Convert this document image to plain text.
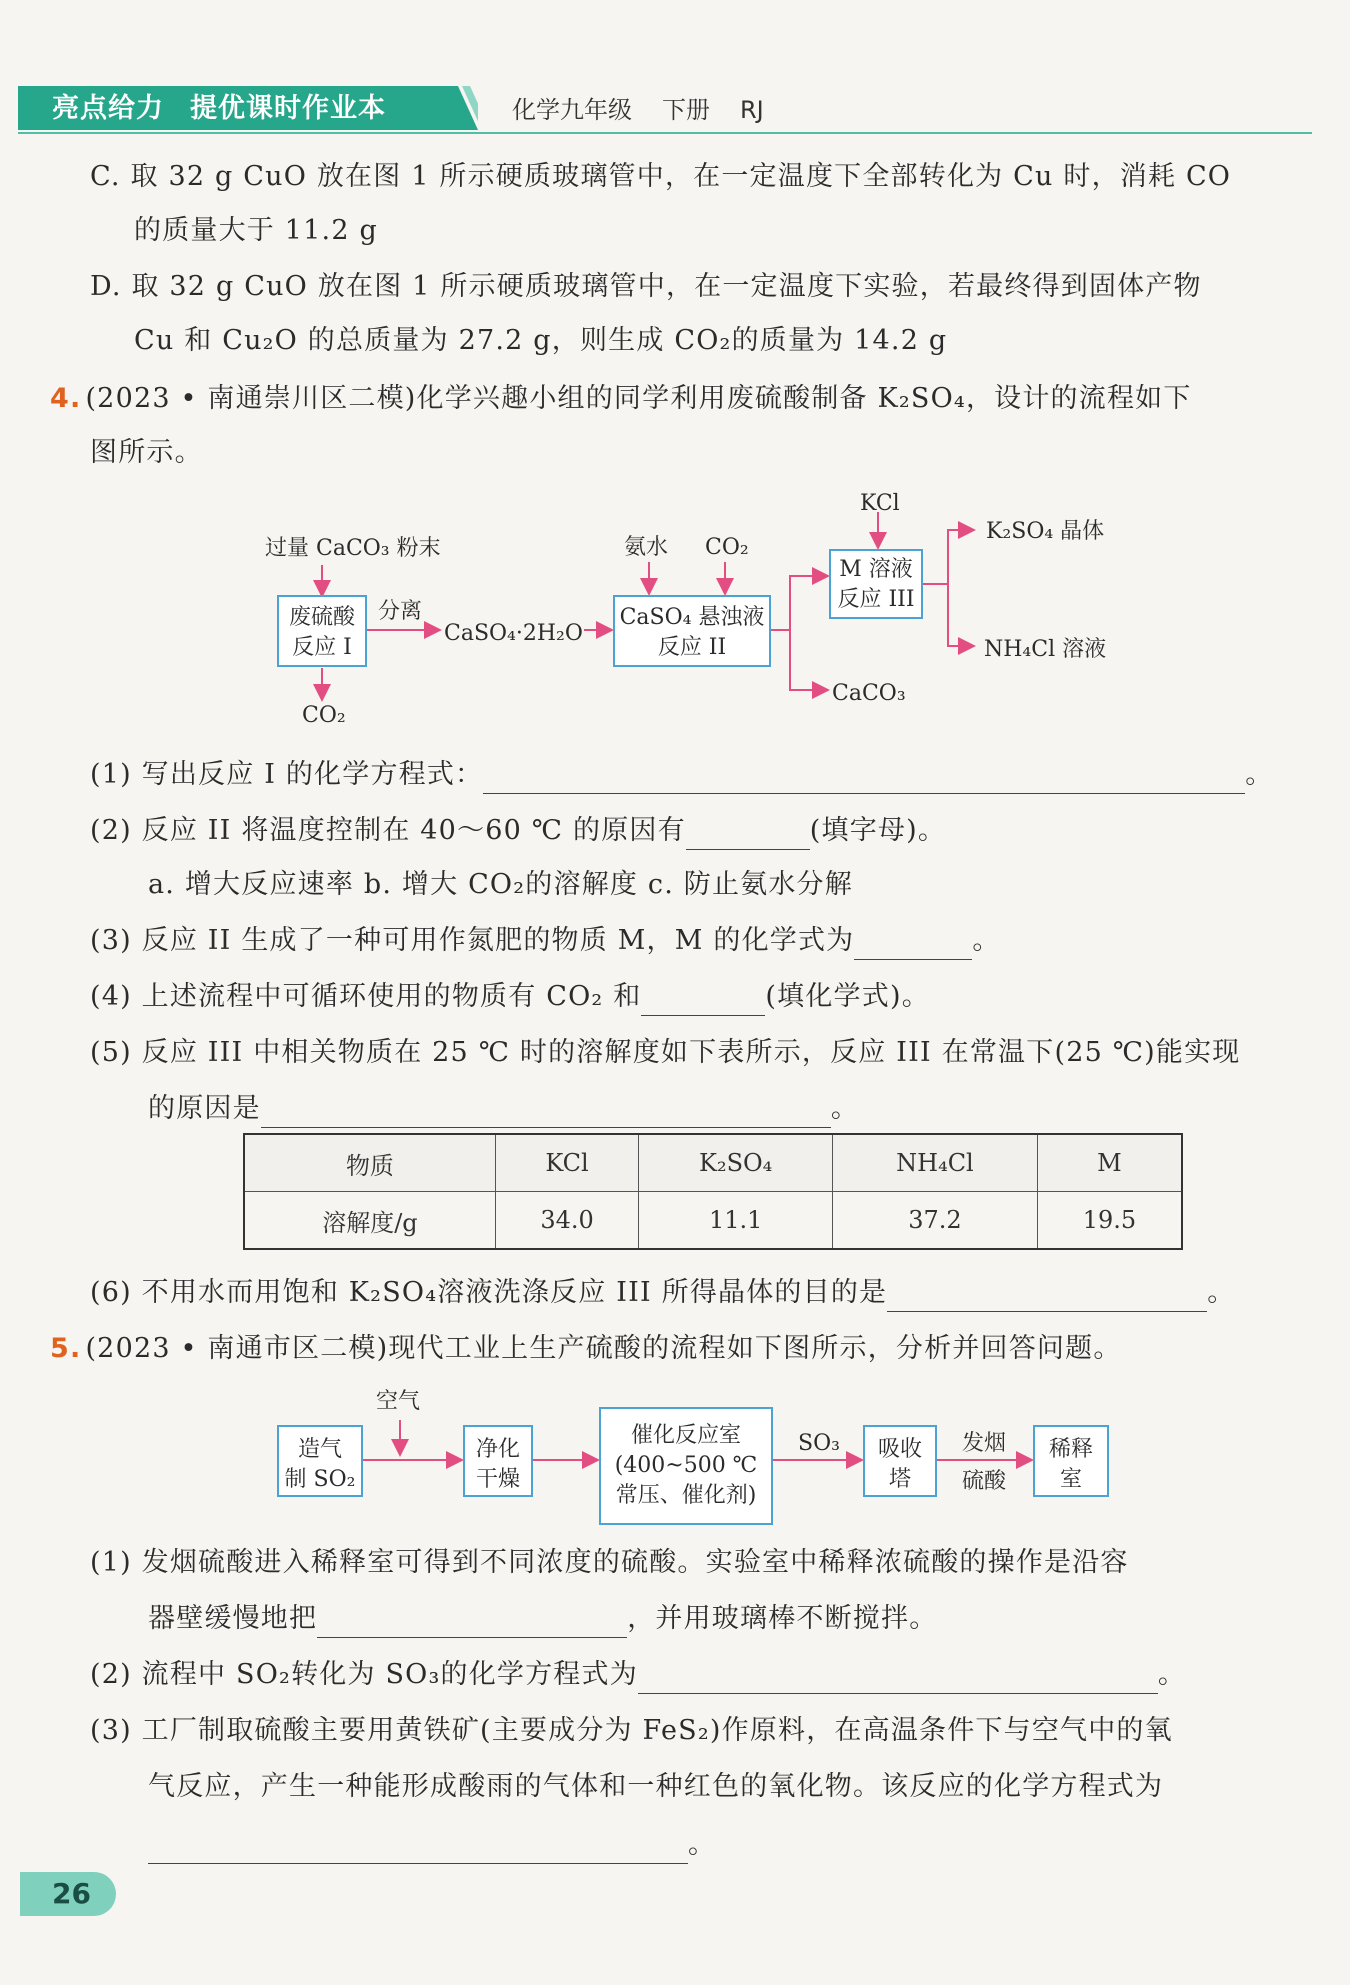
亮点给力 提优课时作业本	化学九年级 下册 RJ
C. 取 32 g CuO 放在图 1 所示硬质玻璃管中，在一定温度下全部转化为 Cu 时，消耗 CO
的质量大于 11.2 g
D. 取 32 g CuO 放在图 1 所示硬质玻璃管中，在一定温度下实验，若最终得到固体产物
Cu 和 Cu₂O 的总质量为 27.2 g，则生成 CO₂的质量为 14.2 g
4. (2023 • 南通崇川区二模)化学兴趣小组的同学利用废硫酸制备 K₂SO₄，设计的流程如下
图所示。
过量 CaCO₃ 粉末
废硫酸
反应 I
分离
CO₂
CaSO₄·2H₂O
氨水 CO₂
CaSO₄ 悬浊液
反应 II
KCl
M 溶液
反应 III
CaCO₃
K₂SO₄ 晶体
NH₄Cl 溶液
(1) 写出反应 I 的化学方程式：	。
(2) 反应 II 将温度控制在 40～60 ℃ 的原因有	(填字母)。
a. 增大反应速率 b. 增大 CO₂的溶解度 c. 防止氨水分解
(3) 反应 II 生成了一种可用作氮肥的物质 M，M 的化学式为	。
(4) 上述流程中可循环使用的物质有 CO₂ 和	(填化学式)。
(5) 反应 III 中相关物质在 25 ℃ 时的溶解度如下表所示，反应 III 在常温下(25 ℃)能实现
的原因是	。
物质	KCl	K₂SO₄	NH₄Cl	M
溶解度/g	34.0	11.1	37.2	19.5
(6) 不用水而用饱和 K₂SO₄溶液洗涤反应 III 所得晶体的目的是	。
5. (2023 • 南通市区二模)现代工业上生产硫酸的流程如下图所示，分析并回答问题。
空气
造气
制 SO₂
净化
干燥
催化反应室
(400~500 ℃
常压、催化剂)
SO₃ 吸收
塔
发烟
硫酸
稀释
室
(1) 发烟硫酸进入稀释室可得到不同浓度的硫酸。实验室中稀释浓硫酸的操作是沿容
器壁缓慢地把	，并用玻璃棒不断搅拌。
(2) 流程中 SO₂转化为 SO₃的化学方程式为	。
(3) 工厂制取硫酸主要用黄铁矿(主要成分为 FeS₂)作原料，在高温条件下与空气中的氧
气反应，产生一种能形成酸雨的气体和一种红色的氧化物。该反应的化学方程式为
。
26
